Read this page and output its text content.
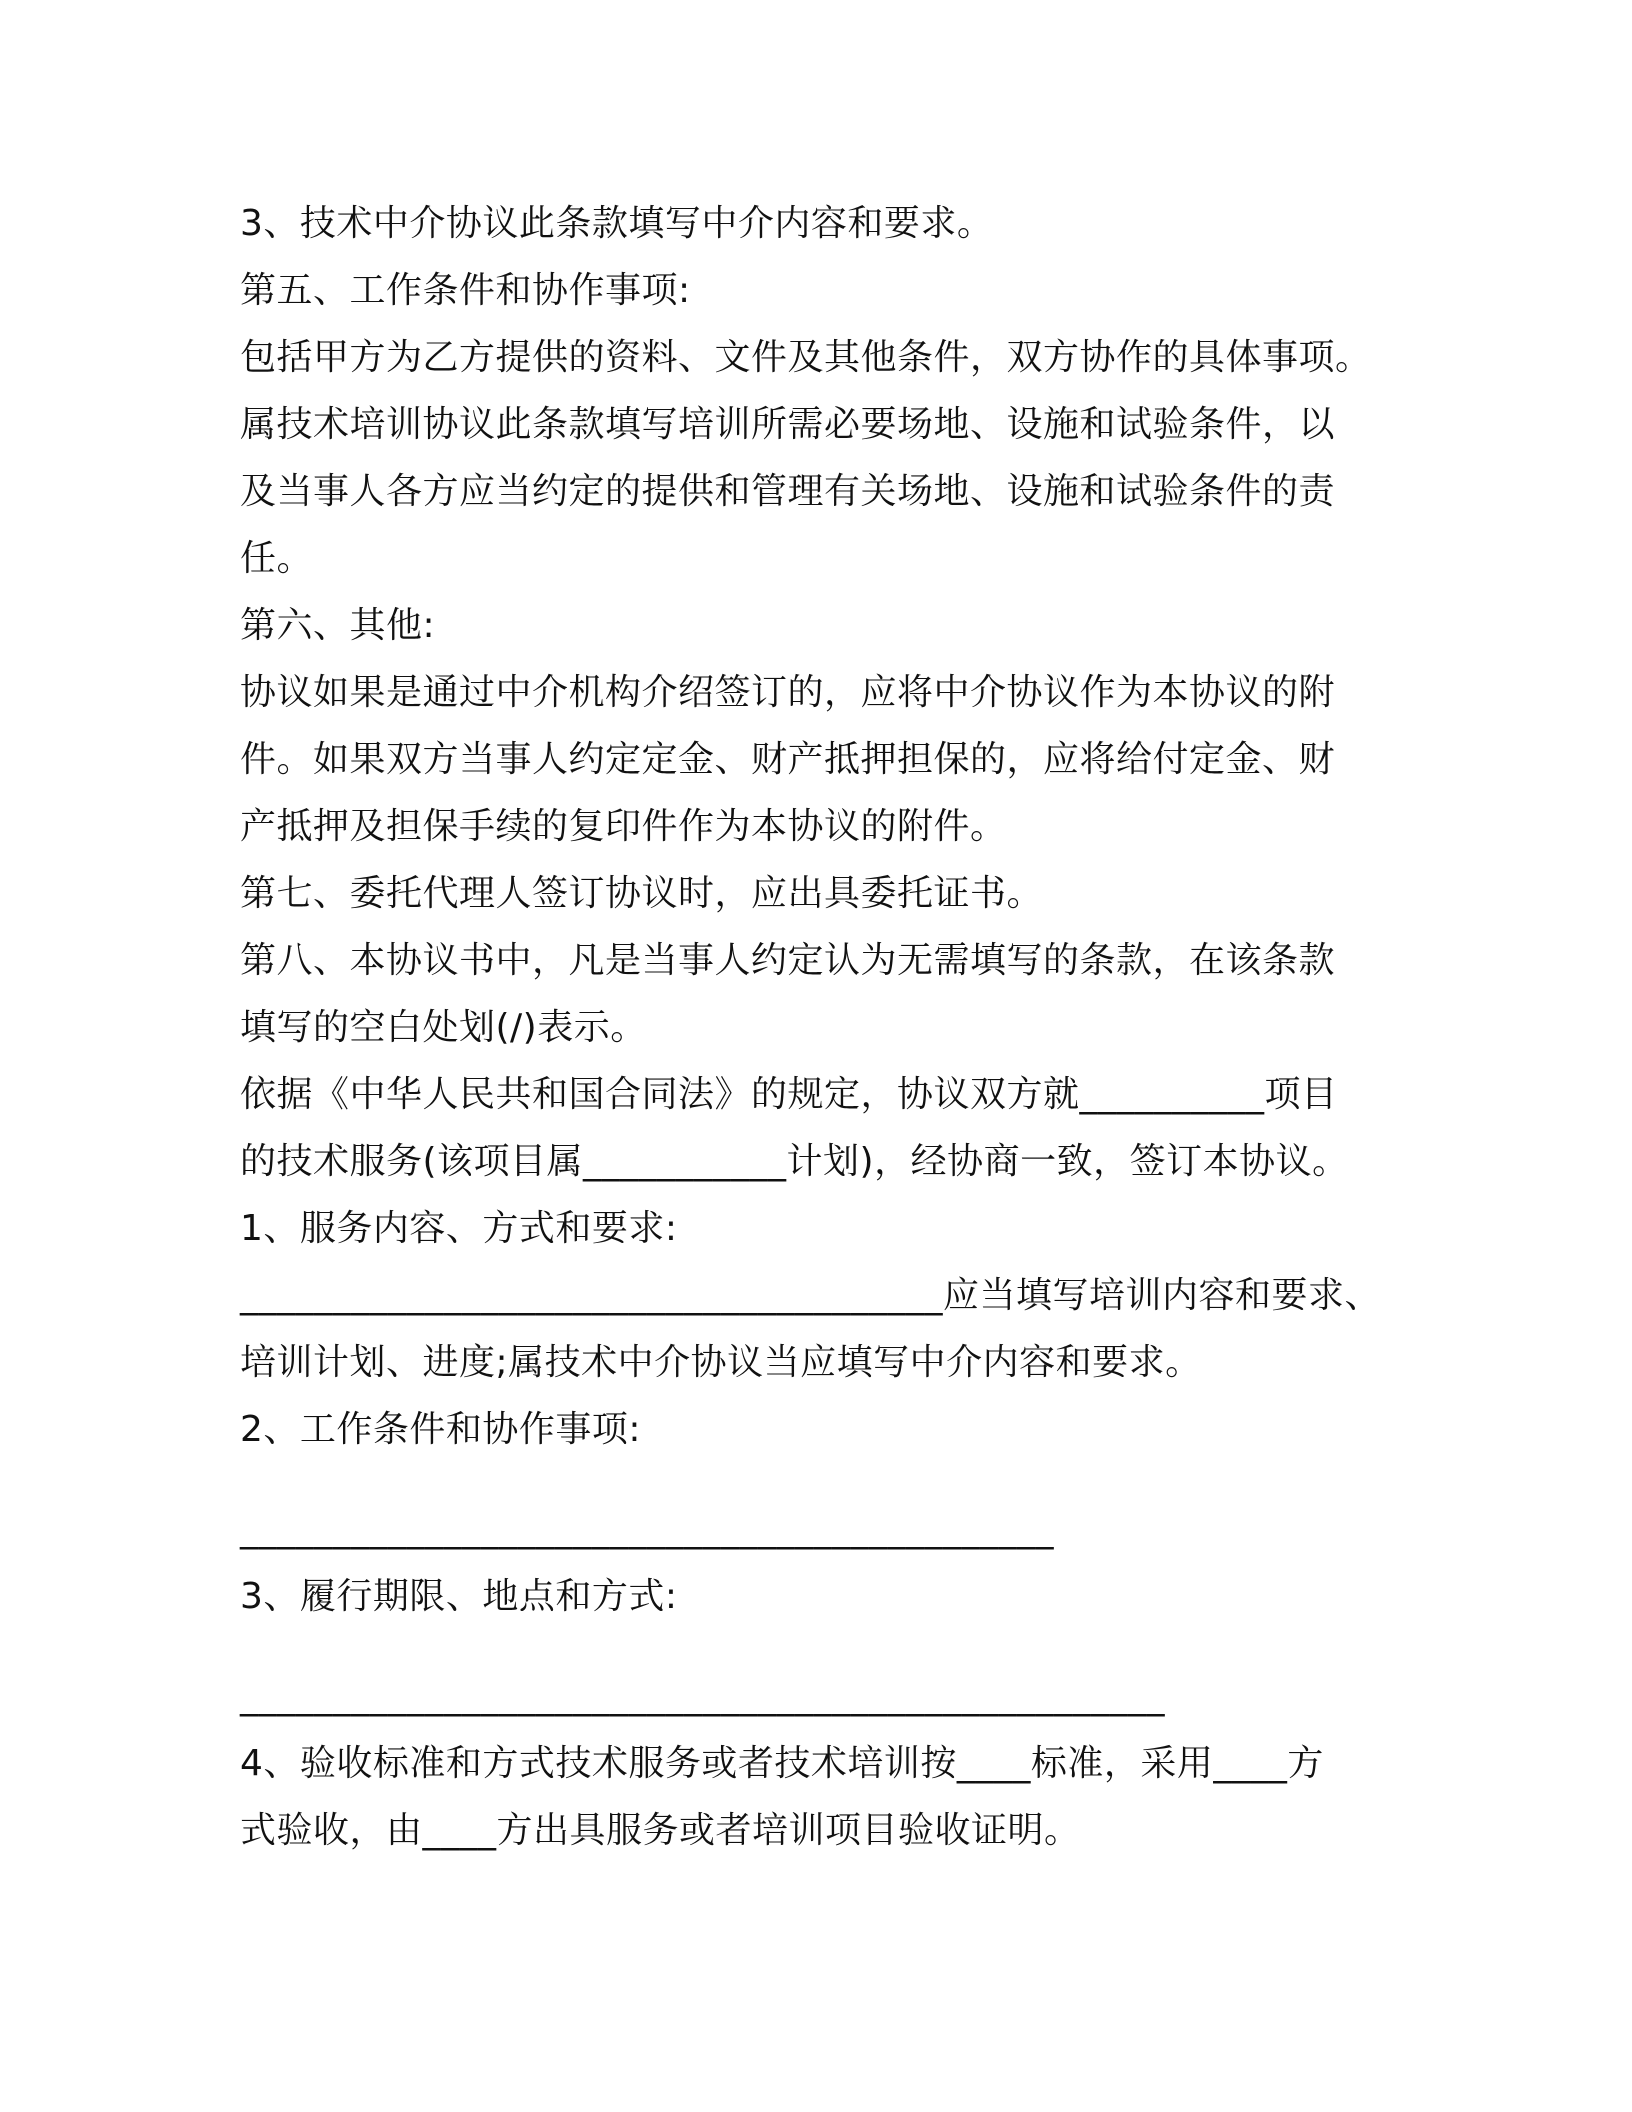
3、技术中介协议此条款填写中介内容和要求。

第五、工作条件和协作事项:

包括甲方为乙方提供的资料、文件及其他条件，双方协作的具体事项。

属技术培训协议此条款填写培训所需必要场地、设施和试验条件，以

及当事人各方应当约定的提供和管理有关场地、设施和试验条件的责

任。

第六、其他:

协议如果是通过中介机构介绍签订的，应将中介协议作为本协议的附

件。如果双方当事人约定定金、财产抵押担保的，应将给付定金、财

产抵押及担保手续的复印件作为本协议的附件。

第七、委托代理人签订协议时，应出具委托证书。

第八、本协议书中，凡是当事人约定认为无需填写的条款，在该条款

填写的空白处划(/)表示。

依据《中华人民共和国合同法》的规定，协议双方就__________项目

的技术服务(该项目属___________计划)，经协商一致，签订本协议。

1、服务内容、方式和要求:

______________________________________应当填写培训内容和要求、

培训计划、进度;属技术中介协议当应填写中介内容和要求。

2、工作条件和协作事项:

____________________________________________

3、履行期限、地点和方式:

__________________________________________________

4、验收标准和方式技术服务或者技术培训按____标准，采用____方

式验收，由____方出具服务或者培训项目验收证明。
